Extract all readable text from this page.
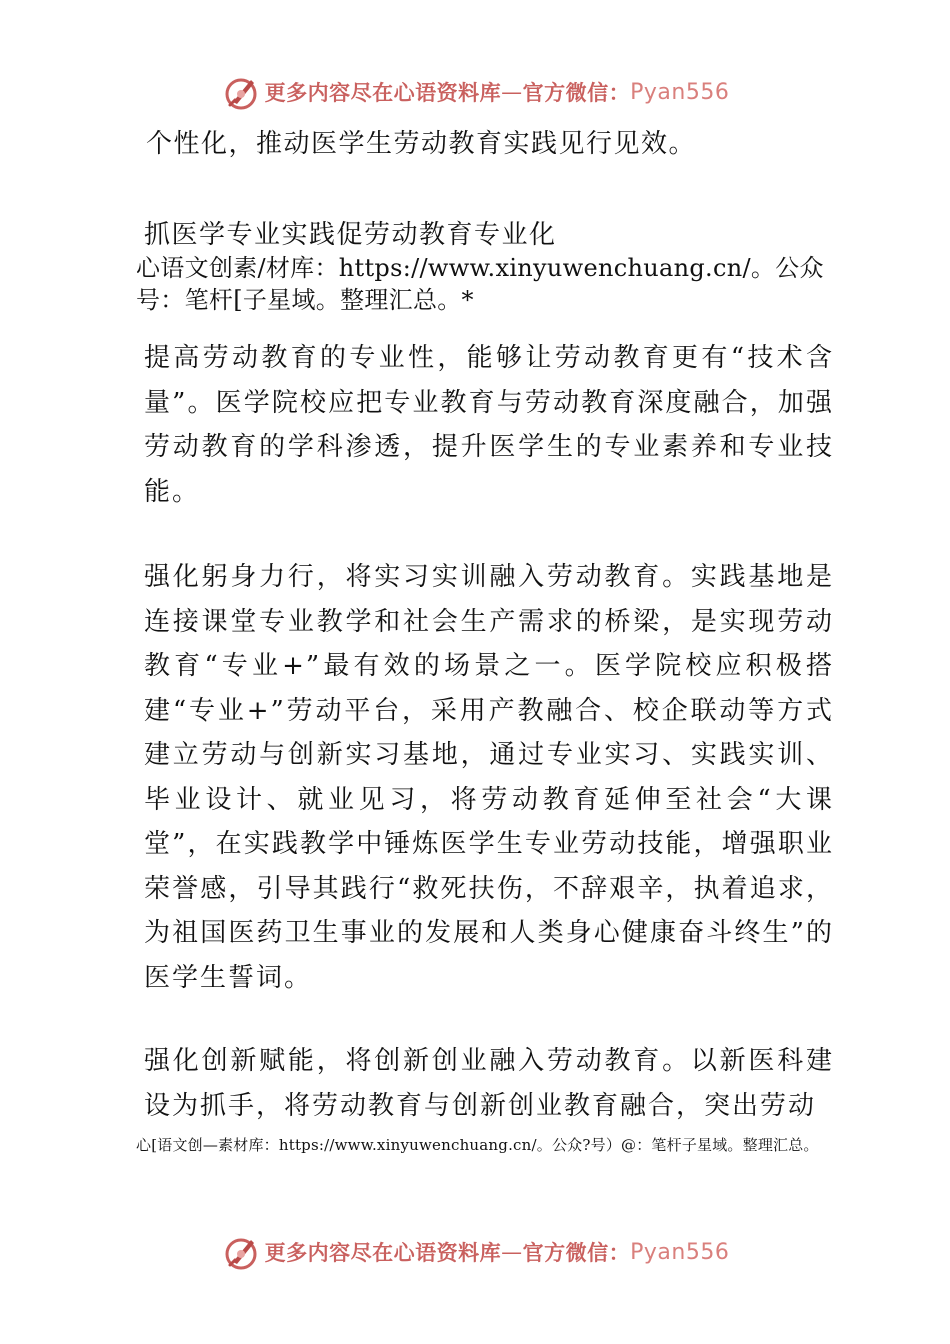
更多内容尽在心语资料库 — 官方微信： Pyan556

个性化，推动医学生劳动教育实践见行见效。

抓医学专业实践促劳动教育专业化

心语文创素/材库：https://www.xinyuwenchuang.cn/。公众号：笔杆[子星域。整理汇总。*

提高劳动教育的专业性，能够让劳动教育更有“技术含量”。医学院校应把专业教育与劳动教育深度融合，加强劳动教育的学科渗透，提升医学生的专业素养和专业技能。

强化躬身力行，将实习实训融入劳动教育。实践基地是连接课堂专业教学和社会生产需求的桥梁，是实现劳动教育“专业+”最有效的场景之一。医学院校应积极搭建“专业+”劳动平台，采用产教融合、校企联动等方式建立劳动与创新实习基地，通过专业实习、实践实训、毕业设计、就业见习，将劳动教育延伸至社会“大课堂”，在实践教学中锤炼医学生专业劳动技能，增强职业荣誉感，引导其践行“救死扶伤，不辞艰辛，执着追求，为祖国医药卫生事业的发展和人类身心健康奋斗终生”的医学生誓词。

强化创新赋能，将创新创业融入劳动教育。以新医科建设为抓手，将劳动教育与创新创业教育融合，突出劳动

心[语文创—素材库：https://www.xinyuwenchuang.cn/。公众?号）@：笔杆子星域。整理汇总。

更多内容尽在心语资料库 — 官方微信： Pyan556
